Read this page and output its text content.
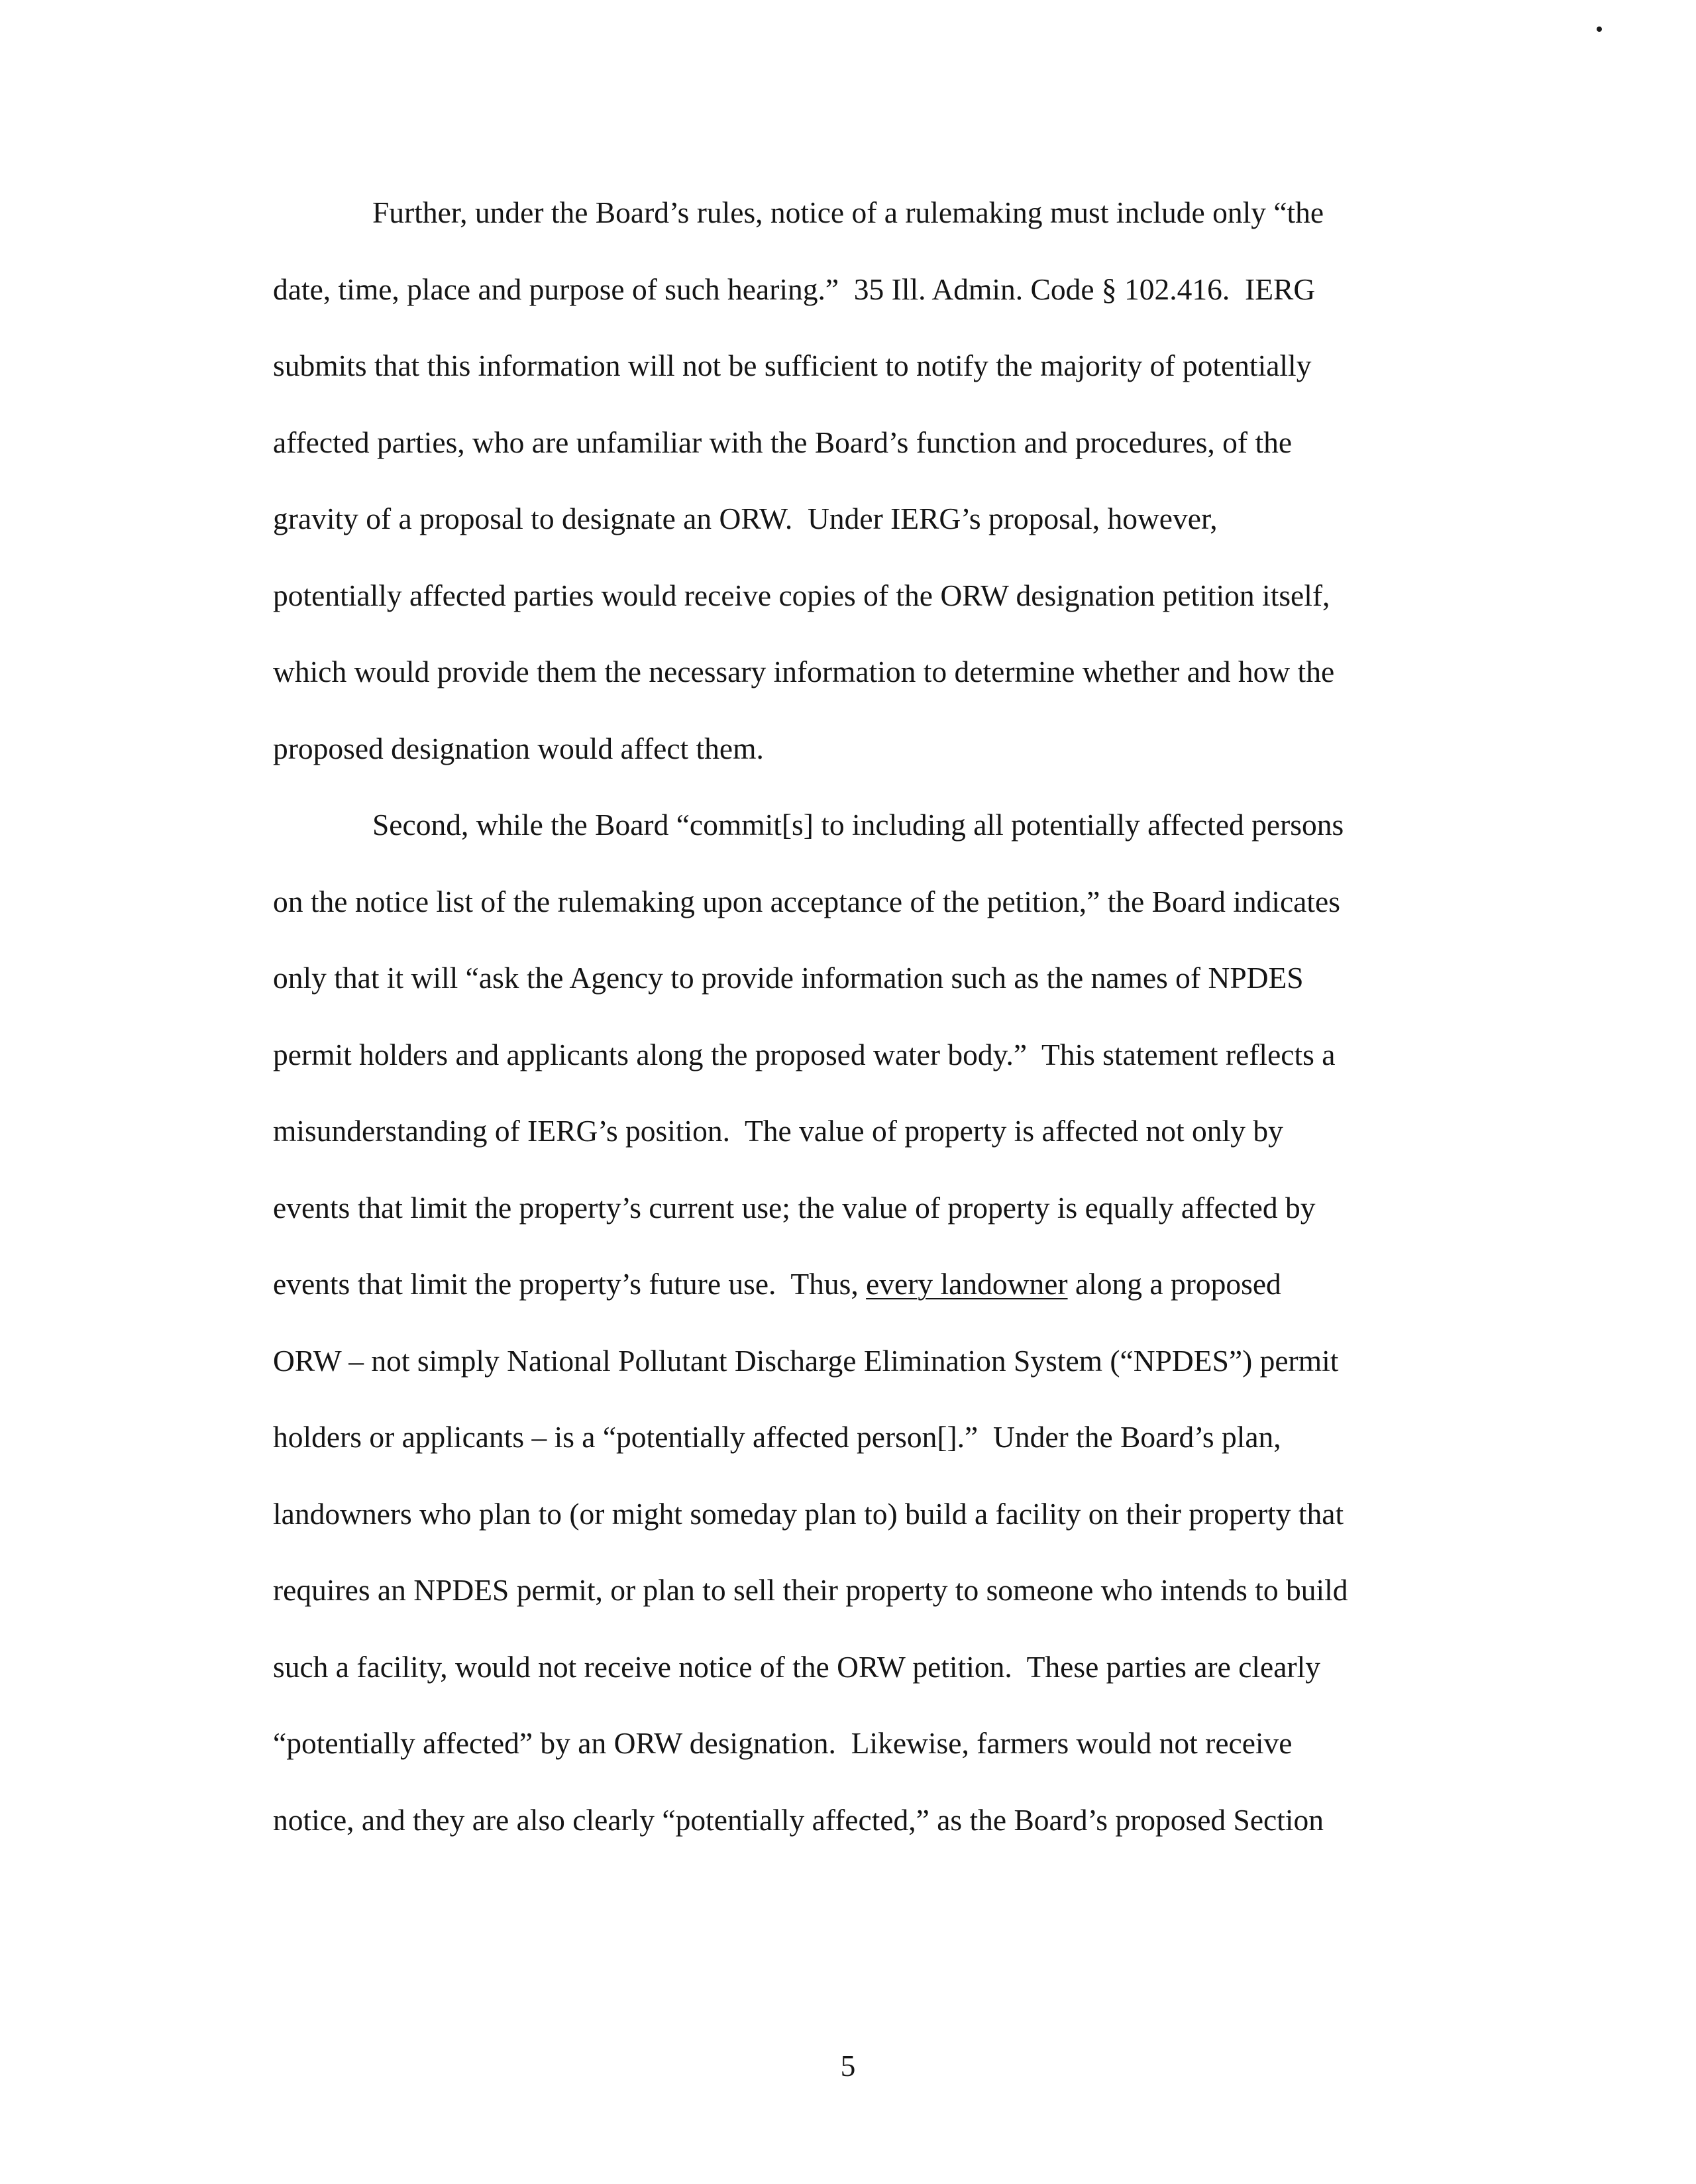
Further, under the Board’s rules, notice of a rulemaking must include only “the
date, time, place and purpose of such hearing.”  35 Ill. Admin. Code § 102.416.  IERG
submits that this information will not be sufficient to notify the majority of potentially
affected parties, who are unfamiliar with the Board’s function and procedures, of the
gravity of a proposal to designate an ORW.  Under IERG’s proposal, however,
potentially affected parties would receive copies of the ORW designation petition itself,
which would provide them the necessary information to determine whether and how the
proposed designation would affect them.
Second, while the Board “commit[s] to including all potentially affected persons
on the notice list of the rulemaking upon acceptance of the petition,” the Board indicates
only that it will “ask the Agency to provide information such as the names of NPDES
permit holders and applicants along the proposed water body.”  This statement reflects a
misunderstanding of IERG’s position.  The value of property is affected not only by
events that limit the property’s current use; the value of property is equally affected by
events that limit the property’s future use.  Thus, every landowner along a proposed
ORW – not simply National Pollutant Discharge Elimination System (“NPDES”) permit
holders or applicants – is a “potentially affected person[].”  Under the Board’s plan,
landowners who plan to (or might someday plan to) build a facility on their property that
requires an NPDES permit, or plan to sell their property to someone who intends to build
such a facility, would not receive notice of the ORW petition.  These parties are clearly
“potentially affected” by an ORW designation.  Likewise, farmers would not receive
notice, and they are also clearly “potentially affected,” as the Board’s proposed Section
5
